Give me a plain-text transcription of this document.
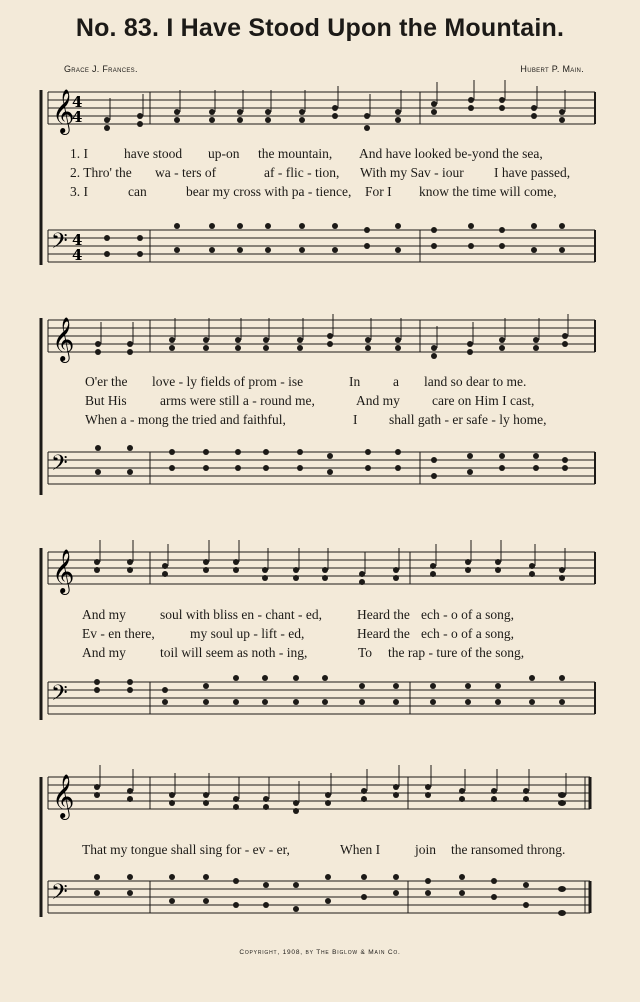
No. 83. I Have Stood Upon the Mountain.
Grace J. Frances.	Hubert P. Main.
𝄞
4
4
𝄢 4
4
1. I	have stood up-on the mountain, And have looked be-yond the sea,
2. Thro' the wa - ters of	af - flic - tion, With my Sav - iour I have passed,
3. I	can	bear my cross with pa - tience, For I know the time will come,
𝄞
𝄢
O'er the love - ly fields of prom - ise	In a land so dear to me.
But His arms were still a - round me,	And my care on Him I cast,
When a - mong the tried and faithful,	I shall gath - er safe - ly home,
𝄞
𝄢
And my	soul with bliss en - chant - ed,	Heard the ech - o of a song,
Ev - en there,	my soul up - lift - ed,	Heard the ech - o of a song,
And my	toil will seem as noth - ing,	To the rap - ture of the song,
𝄞
𝄢
That my tongue shall sing for - ev - er,	When I	join the ransomed throng.
Copyright, 1908, by The Biglow & Main Co.
